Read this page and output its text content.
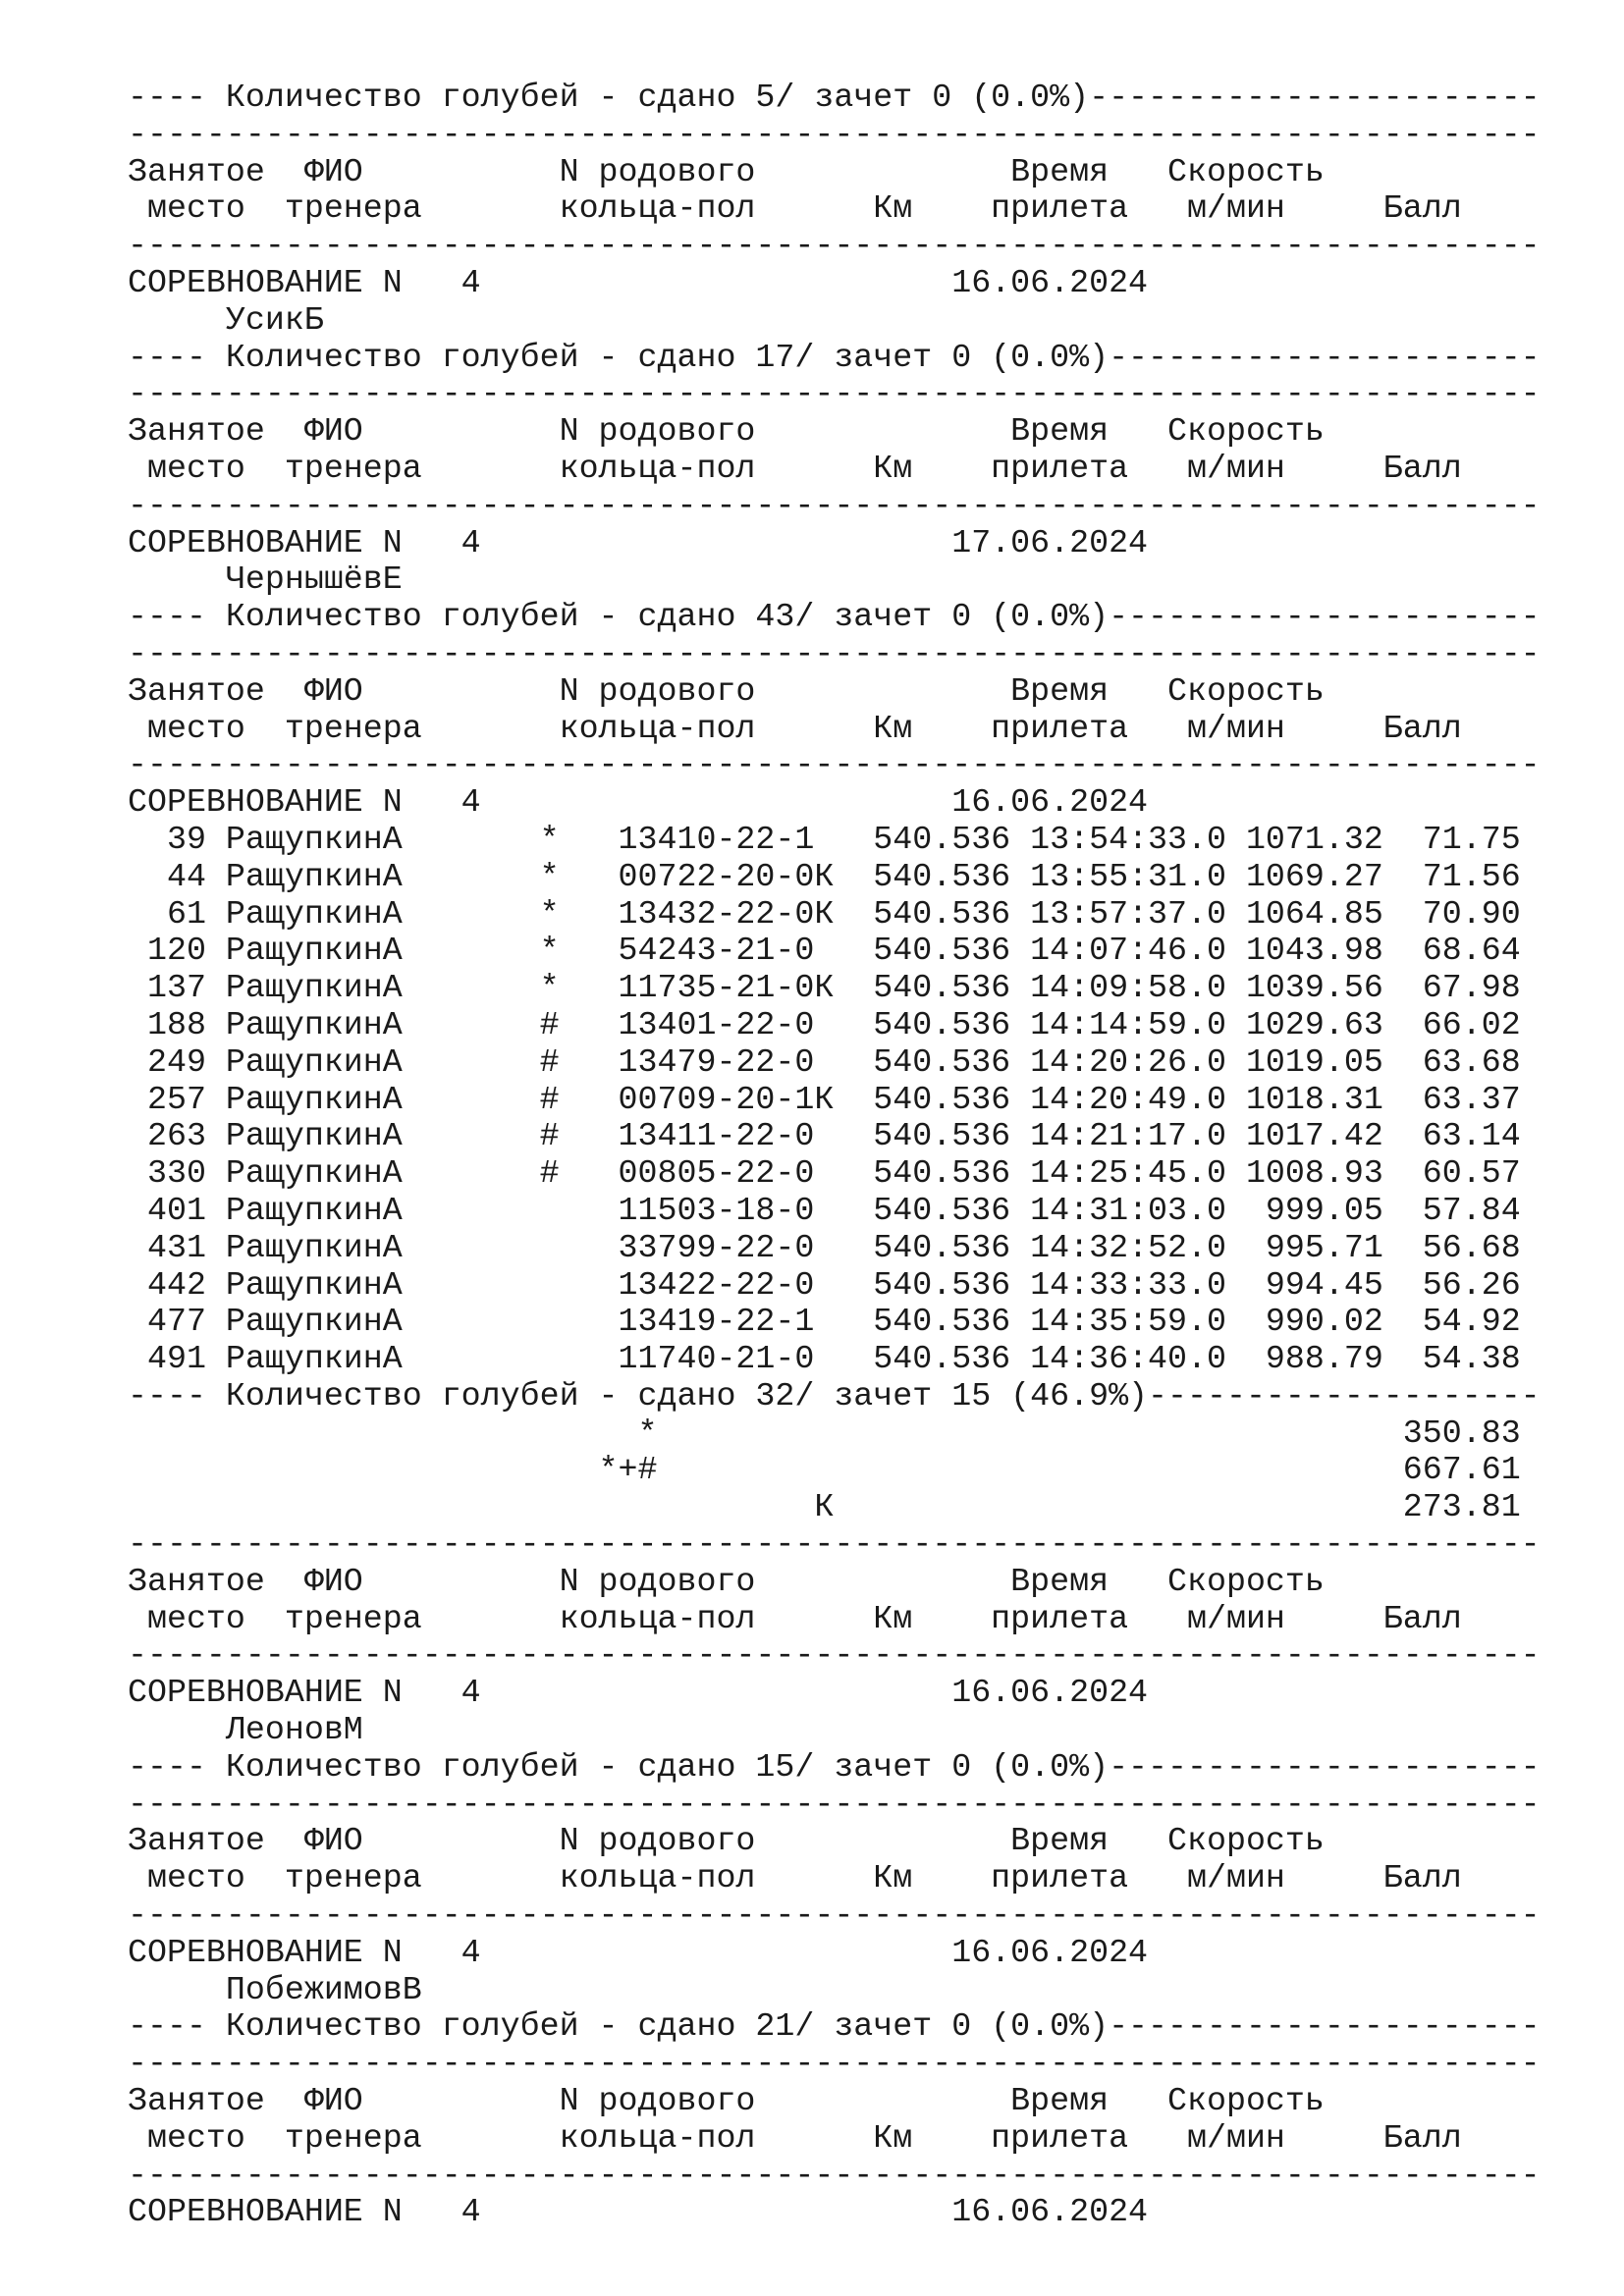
---- Количество голубей - сдано 5/ зачет 0 (0.0%)-----------------------
------------------------------------------------------------------------
Занятое  ФИО          N родового             Время   Скорость
место  тренера       кольца-пол      Км    прилета   м/мин     Балл
------------------------------------------------------------------------
СОРЕВНОВАНИЕ N   4                        16.06.2024
УсикБ
---- Количество голубей - сдано 17/ зачет 0 (0.0%)----------------------
------------------------------------------------------------------------
Занятое  ФИО          N родового             Время   Скорость
место  тренера       кольца-пол      Км    прилета   м/мин     Балл
------------------------------------------------------------------------
СОРЕВНОВАНИЕ N   4                        17.06.2024
ЧернышёвЕ
---- Количество голубей - сдано 43/ зачет 0 (0.0%)----------------------
------------------------------------------------------------------------
Занятое  ФИО          N родового             Время   Скорость
место  тренера       кольца-пол      Км    прилета   м/мин     Балл
------------------------------------------------------------------------
СОРЕВНОВАНИЕ N   4                        16.06.2024
39 РащупкинА       *   13410-22-1   540.536 13:54:33.0 1071.32  71.75
44 РащупкинА       *   00722-20-0К  540.536 13:55:31.0 1069.27  71.56
61 РащупкинА       *   13432-22-0К  540.536 13:57:37.0 1064.85  70.90
120 РащупкинА       *   54243-21-0   540.536 14:07:46.0 1043.98  68.64
137 РащупкинА       *   11735-21-0К  540.536 14:09:58.0 1039.56  67.98
188 РащупкинА       #   13401-22-0   540.536 14:14:59.0 1029.63  66.02
249 РащупкинА       #   13479-22-0   540.536 14:20:26.0 1019.05  63.68
257 РащупкинА       #   00709-20-1К  540.536 14:20:49.0 1018.31  63.37
263 РащупкинА       #   13411-22-0   540.536 14:21:17.0 1017.42  63.14
330 РащупкинА       #   00805-22-0   540.536 14:25:45.0 1008.93  60.57
401 РащупкинА           11503-18-0   540.536 14:31:03.0  999.05  57.84
431 РащупкинА           33799-22-0   540.536 14:32:52.0  995.71  56.68
442 РащупкинА           13422-22-0   540.536 14:33:33.0  994.45  56.26
477 РащупкинА           13419-22-1   540.536 14:35:59.0  990.02  54.92
491 РащупкинА           11740-21-0   540.536 14:36:40.0  988.79  54.38
---- Количество голубей - сдано 32/ зачет 15 (46.9%)--------------------
*                                      350.83
*+#                                      667.61
К                             273.81
------------------------------------------------------------------------
Занятое  ФИО          N родового             Время   Скорость
место  тренера       кольца-пол      Км    прилета   м/мин     Балл
------------------------------------------------------------------------
СОРЕВНОВАНИЕ N   4                        16.06.2024
ЛеоновМ
---- Количество голубей - сдано 15/ зачет 0 (0.0%)----------------------
------------------------------------------------------------------------
Занятое  ФИО          N родового             Время   Скорость
место  тренера       кольца-пол      Км    прилета   м/мин     Балл
------------------------------------------------------------------------
СОРЕВНОВАНИЕ N   4                        16.06.2024
ПобежимовВ
---- Количество голубей - сдано 21/ зачет 0 (0.0%)----------------------
------------------------------------------------------------------------
Занятое  ФИО          N родового             Время   Скорость
место  тренера       кольца-пол      Км    прилета   м/мин     Балл
------------------------------------------------------------------------
СОРЕВНОВАНИЕ N   4                        16.06.2024
